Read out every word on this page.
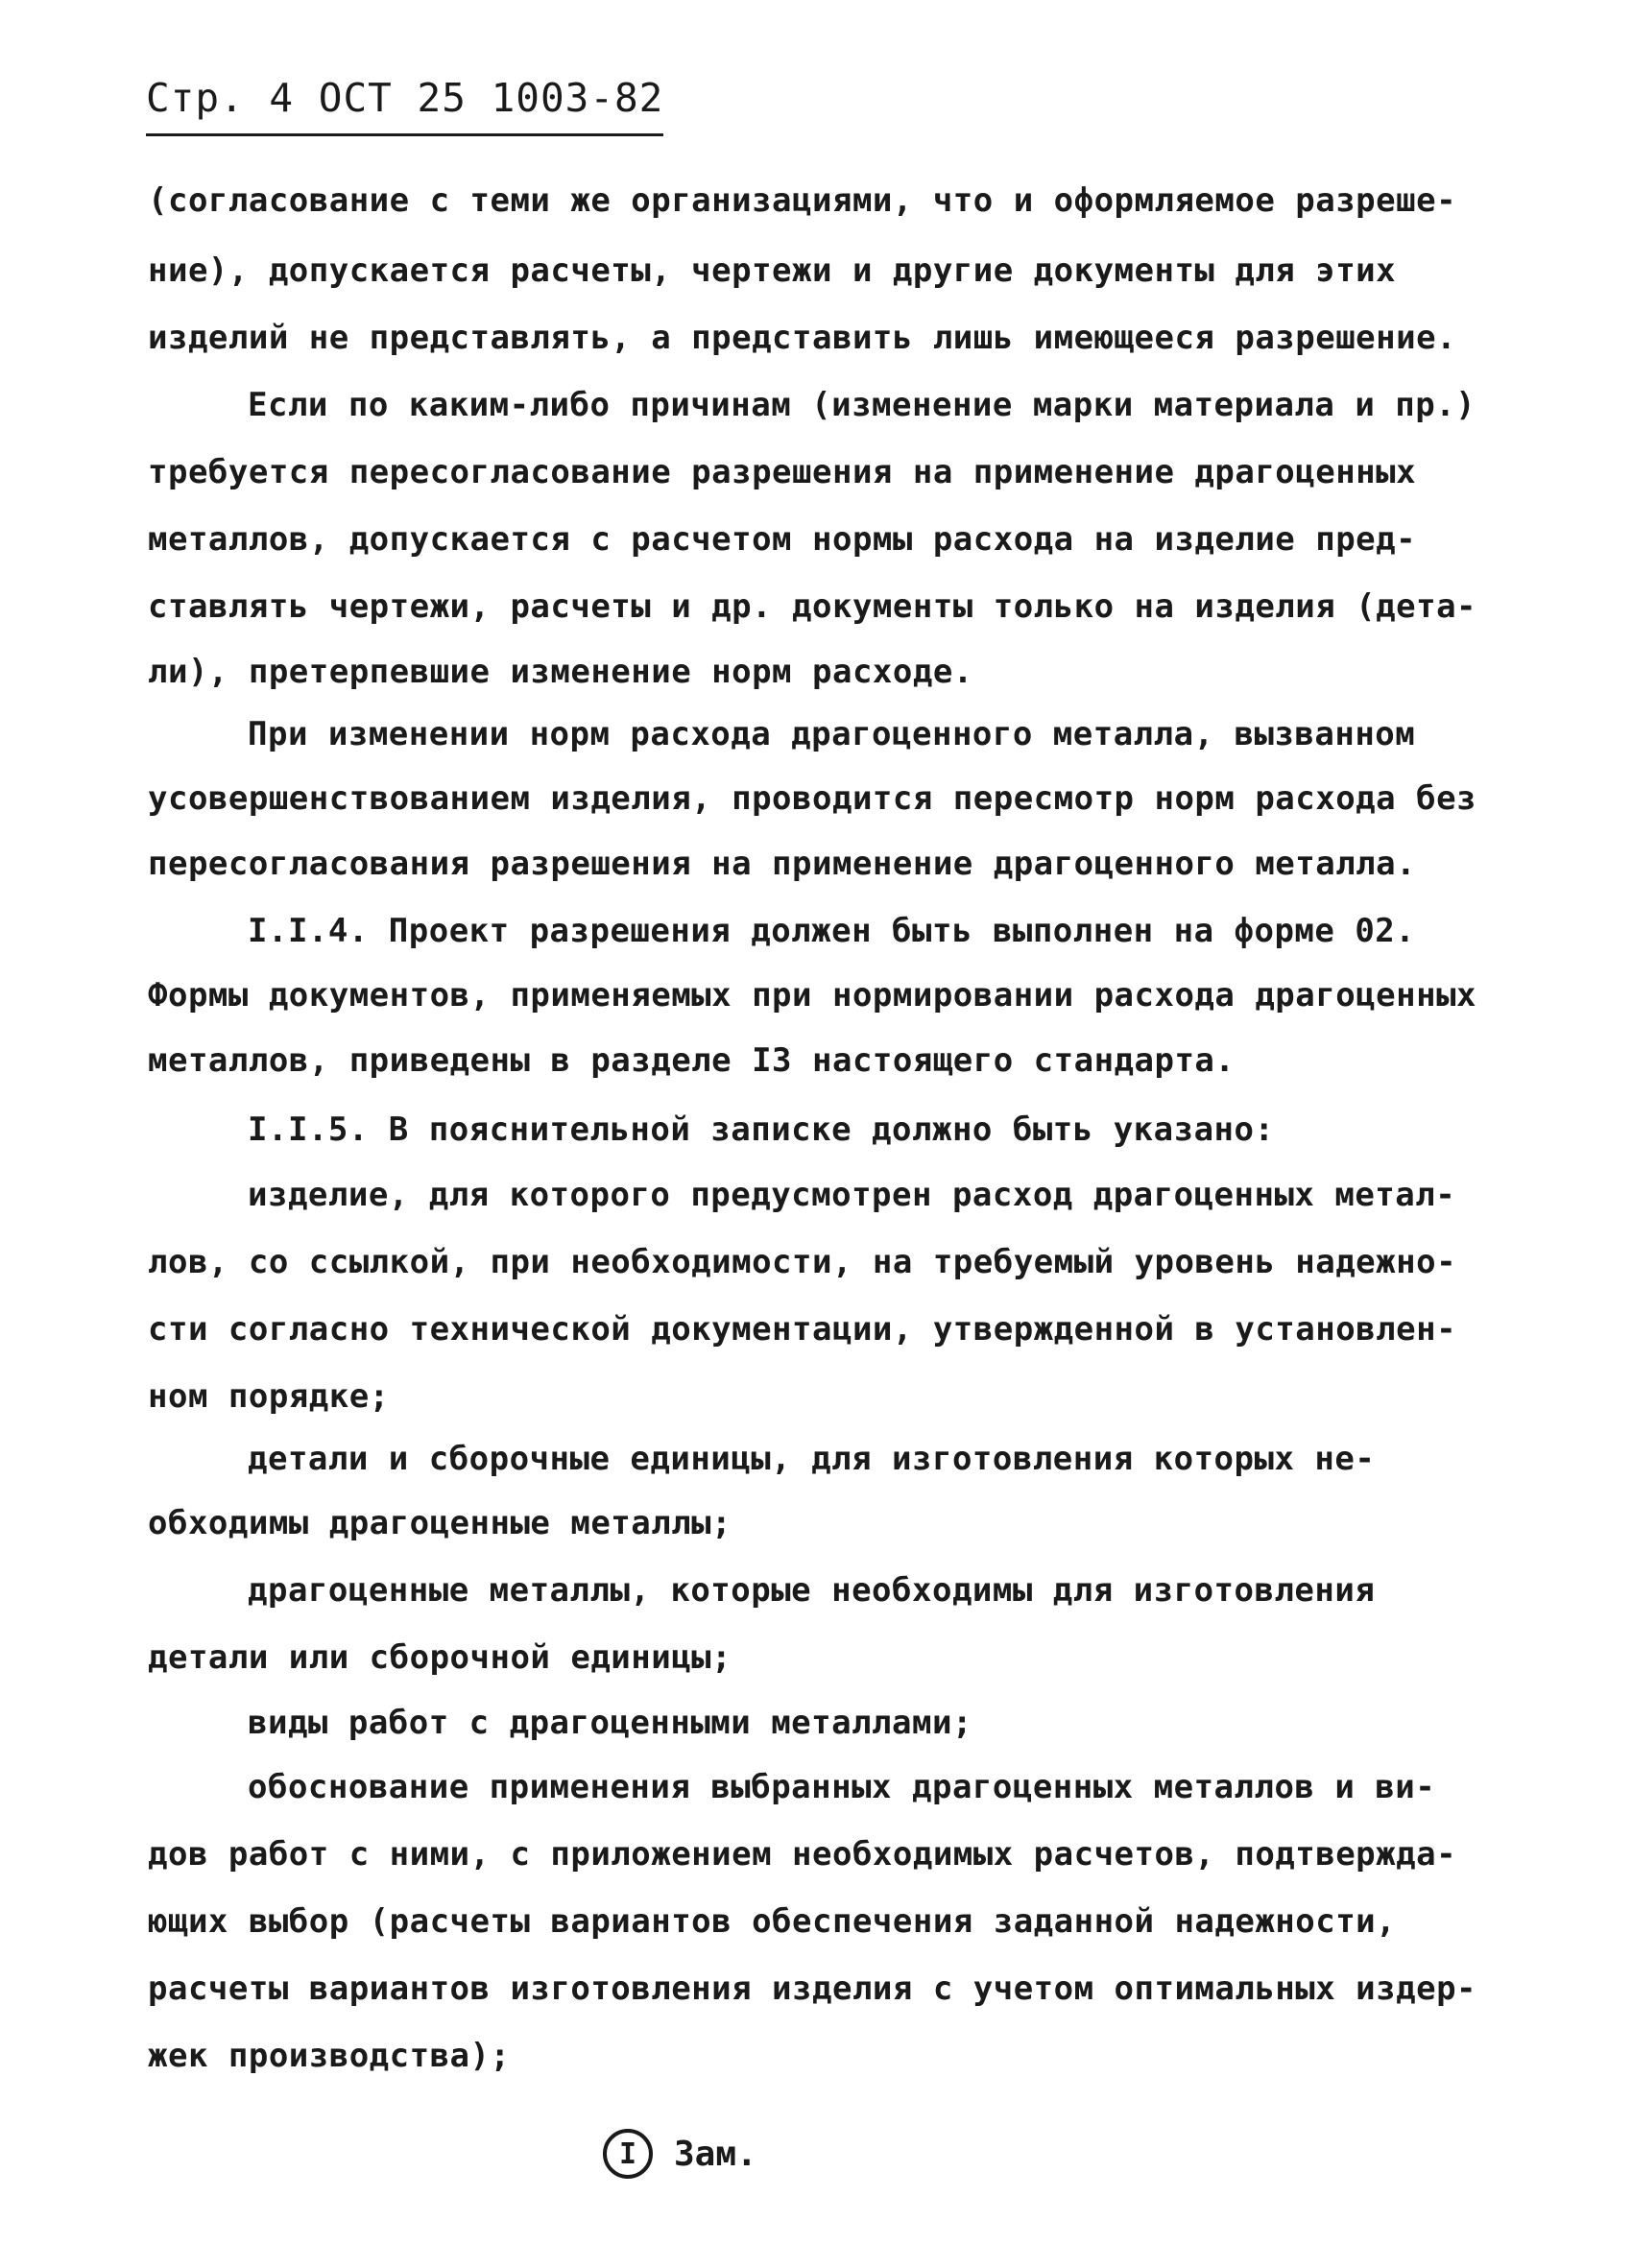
Стр. 4 ОСТ 25 1003-82
(согласование с теми же организациями, что и оформляемое разреше-
ние), допускается расчеты, чертежи и другие документы для этих
изделий не представлять, а представить лишь имеющееся разрешение.
Если по каким-либо причинам (изменение марки материала и пр.)
требуется пересогласование разрешения на применение драгоценных
металлов, допускается с расчетом нормы расхода на изделие пред-
ставлять чертежи, расчеты и др. документы только на изделия (дета-
ли), претерпевшие изменение норм расходе.
При изменении норм расхода драгоценного металла, вызванном
усовершенствованием изделия, проводится пересмотр норм расхода без
пересогласования разрешения на применение драгоценного металла.
I.I.4. Проект разрешения должен быть выполнен на форме 02.
Формы документов, применяемых при нормировании расхода драгоценных
металлов, приведены в разделе I3 настоящего стандарта.
I.I.5. В пояснительной записке должно быть указано:
изделие, для которого предусмотрен расход драгоценных метал-
лов, со ссылкой, при необходимости, на требуемый уровень надежно-
сти согласно технической документации, утвержденной в установлен-
ном порядке;
детали и сборочные единицы, для изготовления которых не-
обходимы драгоценные металлы;
драгоценные металлы, которые необходимы для изготовления
детали или сборочной единицы;
виды работ с драгоценными металлами;
обоснование применения выбранных драгоценных металлов и ви-
дов работ с ними, с приложением необходимых расчетов, подтвержда-
ющих выбор (расчеты вариантов обеспечения заданной надежности,
расчеты вариантов изготовления изделия с учетом оптимальных издер-
жек производства);
I	Зам.
